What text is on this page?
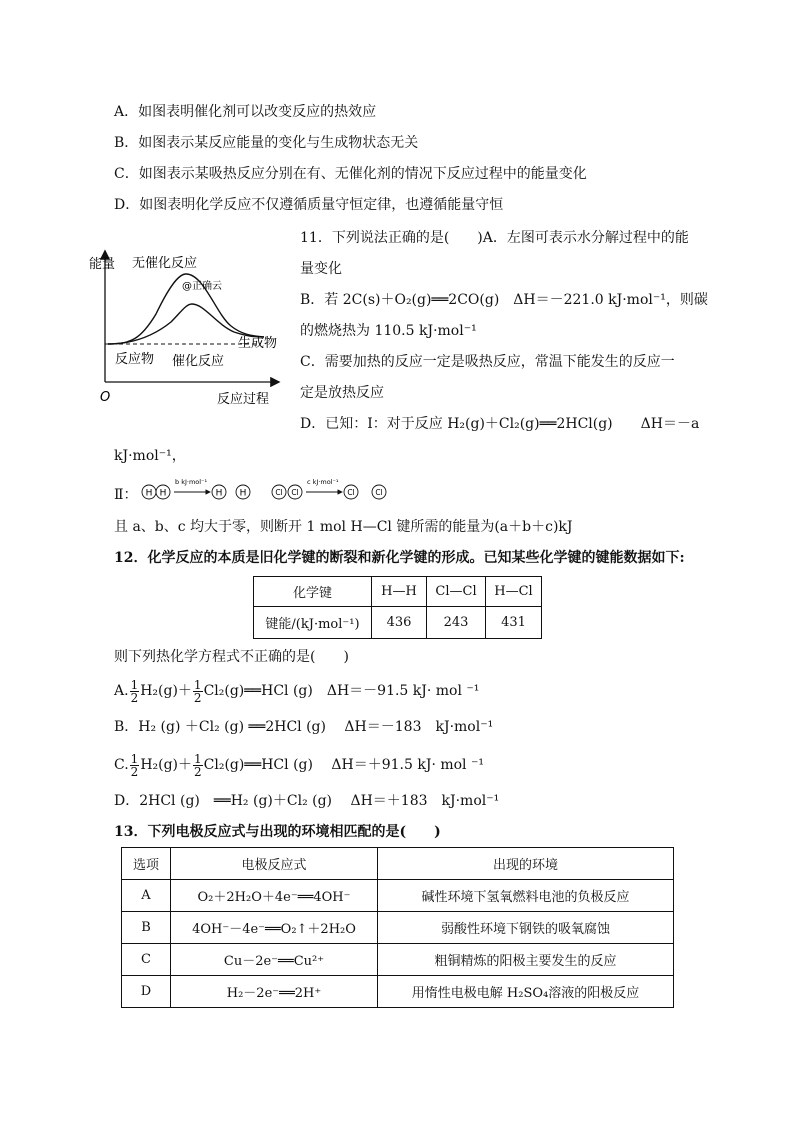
A．如图表明催化剂可以改变反应的热效应
B．如图表示某反应能量的变化与生成物状态无关
C．如图表示某吸热反应分别在有、无催化剂的情况下反应过程中的能量变化
D．如图表明化学反应不仅遵循质量守恒定律，也遵循能量守恒
能量 无催化反应
@正确云
生成物
反应物 催化反应
O	反应过程
11．下列说法正确的是(　　)A．左图可表示水分解过程中的能
量变化
B．若 2C(s)＋O₂(g)══2CO(g)　ΔH＝－221.0 kJ·mol⁻¹，则碳
的燃烧热为 110.5 kJ·mol⁻¹
C．需要加热的反应一定是吸热反应，常温下能发生的反应一
定是放热反应
D．已知：Ⅰ：对于反应 H₂(g)＋Cl₂(g)══2HCl(g)　　ΔH＝－a
kJ·mol⁻¹，
Ⅱ： H H
b kJ·mol⁻¹
H H	Cl Cl
c kJ·mol⁻¹
Cl	Cl
且 a、b、c 均大于零，则断开 1 mol H—Cl 键所需的能量为(a＋b＋c)kJ
12．化学反应的本质是旧化学键的断裂和新化学键的形成。已知某些化学键的键能数据如下:
化学键	H—H	Cl—Cl	H—Cl
键能/(kJ·mol⁻¹)	436	243	431
则下列热化学方程式不正确的是(　　)
A. $\frac{1}{2} H_2(g)+ \frac{1}{2}$ Cl₂(g)══HCl (g)　ΔH＝－91.5 kJ· mol ⁻¹
B．H₂ (g) ＋Cl₂ (g) ══2HCl (g)　 ΔH＝－183　kJ·mol⁻¹
C. $\frac{1}{2} H_2(g)+ \frac{1}{2}$ Cl₂(g)══HCl (g)　 ΔH＝＋91.5 kJ· mol ⁻¹
D．2HCl (g)　══H₂ (g)＋Cl₂ (g)　 ΔH＝＋183　kJ·mol⁻¹
13．下列电极反应式与出现的环境相匹配的是(　　)
选项	电极反应式	出现的环境
A	O₂＋2H₂O＋4e⁻══4OH⁻	碱性环境下氢氧燃料电池的负极反应
B	4OH⁻－4e⁻══O₂↑＋2H₂O	弱酸性环境下钢铁的吸氧腐蚀
C	Cu－2e⁻══Cu²⁺	粗铜精炼的阳极主要发生的反应
D	H₂－2e⁻══2H⁺	用惰性电极电解 H₂SO₄溶液的阳极反应
